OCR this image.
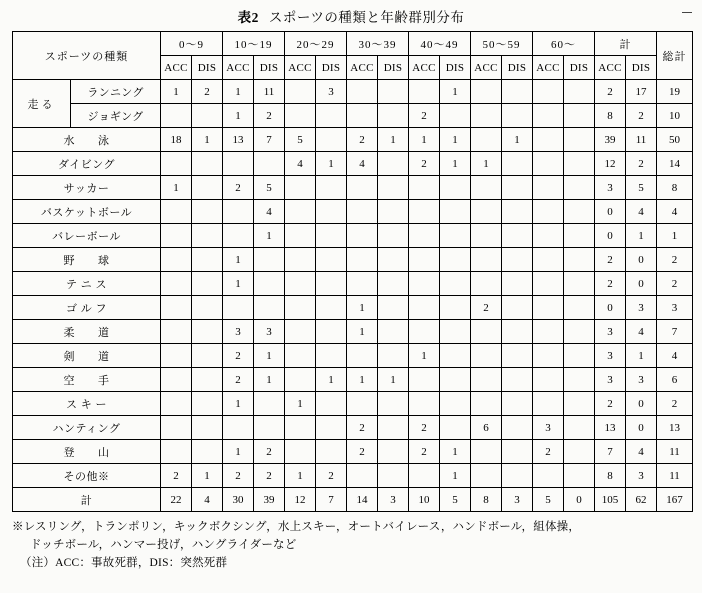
表2 スポーツの種類と年齢群別分布
スポーツの種類		0〜9		10〜19		20〜29		30〜39		40〜49		50〜59		60〜		計		総計
		ACC	DIS	ACC	DIS	ACC	DIS	ACC	DIS	ACC	DIS	ACC	DIS	ACC	DIS	ACC	DIS	
走る	ランニング	1	2	1	11		3				1					2	17	19
	ジョギング			1	2					2						8	2	10
水　　泳		18	1	13	7	5		2	1	1	1		1			39	11	50
ダイビング						4	1	4		2	1	1				12	2	14
サッカー		1		2	5											3	5	8
バスケットボール					4											0	4	4
バレーボール					1											0	1	1
野　　球				1												2	0	2
テ ニ ス				1												2	0	2
ゴ ル フ								1				2				0	3	3
柔　　道				3	3			1								3	4	7
剣　　道				2	1					1						3	1	4
空　　手				2	1		1	1	1							3	3	6
ス キ ー				1		1										2	0	2
ハンティング								2		2		6		3		13	0	13
登　　山				1	2			2		2	1			2		7	4	11
その他※		2	1	2	2	1	2				1					8	3	11
計		22	4	30	39	12	7	14	3	10	5	8	3	5	0	105	62	167
※レスリング，トランポリン，キックボクシング，水上スキー，オートバイレース，ハンドボール，組体操，
ドッチボール，ハンマー投げ，ハングライダーなど
（注）ACC：事故死群，DIS：突然死群
